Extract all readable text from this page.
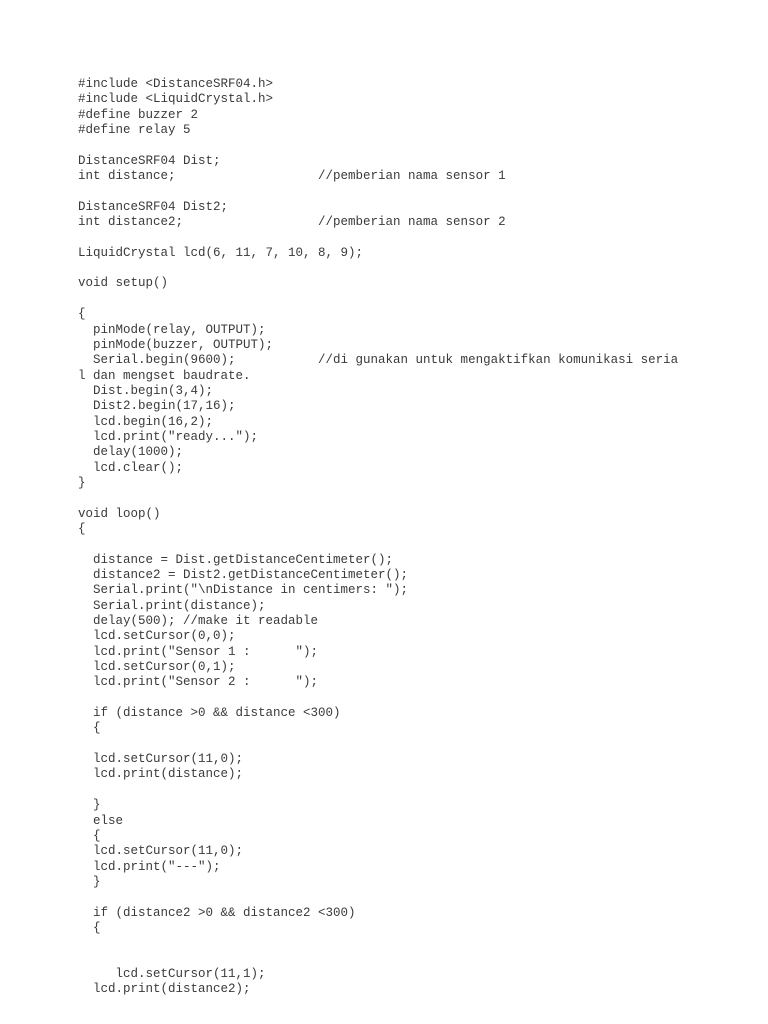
#include <DistanceSRF04.h>
#include <LiquidCrystal.h>
#define buzzer 2
#define relay 5
DistanceSRF04 Dist;
int distance;                   //pemberian nama sensor 1
DistanceSRF04 Dist2;
int distance2;                  //pemberian nama sensor 2
LiquidCrystal lcd(6, 11, 7, 10, 8, 9);
void setup()
{
pinMode(relay, OUTPUT);
pinMode(buzzer, OUTPUT);
Serial.begin(9600);           //di gunakan untuk mengaktifkan komunikasi seria
l dan mengset baudrate.
Dist.begin(3,4);
Dist2.begin(17,16);
lcd.begin(16,2);
lcd.print("ready...");
delay(1000);
lcd.clear();
}
void loop()
{
distance = Dist.getDistanceCentimeter();
distance2 = Dist2.getDistanceCentimeter();
Serial.print("\nDistance in centimers: ");
Serial.print(distance);
delay(500); //make it readable
lcd.setCursor(0,0);
lcd.print("Sensor 1 :      ");
lcd.setCursor(0,1);
lcd.print("Sensor 2 :      ");
if (distance >0 && distance <300)
{
lcd.setCursor(11,0);
lcd.print(distance);
}
else
{
lcd.setCursor(11,0);
lcd.print("---");
}
if (distance2 >0 && distance2 <300)
{
lcd.setCursor(11,1);
lcd.print(distance2);
